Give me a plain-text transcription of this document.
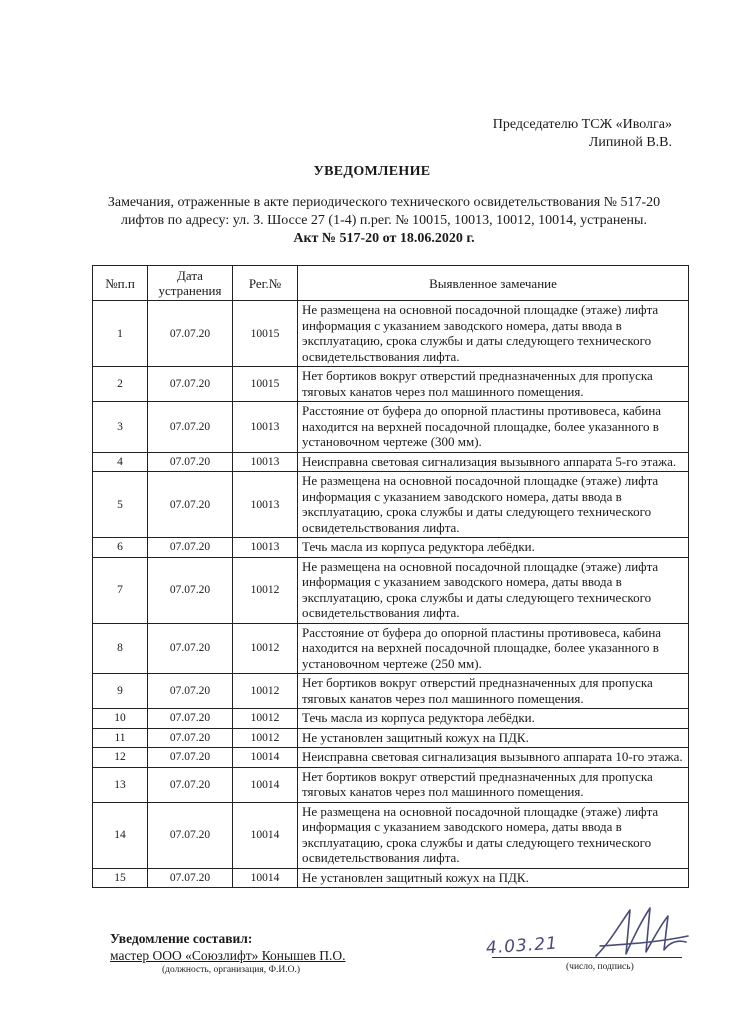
Председателю ТСЖ «Иволга»
Липиной В.В.
УВЕДОМЛЕНИЕ
Замечания, отраженные в акте периодического технического освидетельствования № 517-20 лифтов по адресу: ул. З. Шоссе 27 (1-4) п.рег. № 10015, 10013, 10012, 10014, устранены.
Акт № 517-20 от 18.06.2020 г.
№п.п	Дата устранения	Рег.№	Выявленное замечание
1	07.07.20	10015	Не размещена на основной посадочной площадке (этаже) лифта информация с указанием заводского номера, даты ввода в эксплуатацию, срока службы и даты следующего технического освидетельствования лифта.
2	07.07.20	10015	Нет бортиков вокруг отверстий предназначенных для пропуска тяговых канатов через пол машинного помещения.
3	07.07.20	10013	Расстояние от буфера до опорной пластины противовеса, кабина находится на верхней посадочной площадке, более указанного в установочном чертеже (300 мм).
4	07.07.20	10013	Неисправна световая сигнализация вызывного аппарата 5-го этажа.
5	07.07.20	10013	Не размещена на основной посадочной площадке (этаже) лифта информация с указанием заводского номера, даты ввода в эксплуатацию, срока службы и даты следующего технического освидетельствования лифта.
6	07.07.20	10013	Течь масла из корпуса редуктора лебёдки.
7	07.07.20	10012	Не размещена на основной посадочной площадке (этаже) лифта информация с указанием заводского номера, даты ввода в эксплуатацию, срока службы и даты следующего технического освидетельствования лифта.
8	07.07.20	10012	Расстояние от буфера до опорной пластины противовеса, кабина находится на верхней посадочной площадке, более указанного в установочном чертеже (250 мм).
9	07.07.20	10012	Нет бортиков вокруг отверстий предназначенных для пропуска тяговых канатов через пол машинного помещения.
10	07.07.20	10012	Течь масла из корпуса редуктора лебёдки.
11	07.07.20	10012	Не установлен защитный кожух на ПДК.
12	07.07.20	10014	Неисправна световая сигнализация вызывного аппарата 10-го этажа.
13	07.07.20	10014	Нет бортиков вокруг отверстий предназначенных для пропуска тяговых канатов через пол машинного помещения.
14	07.07.20	10014	Не размещена на основной посадочной площадке (этаже) лифта информация с указанием заводского номера, даты ввода в эксплуатацию, срока службы и даты следующего технического освидетельствования лифта.
15	07.07.20	10014	Не установлен защитный кожух на ПДК.
Уведомление составил:
мастер ООО «Союзлифт» Конышев П.О.
(должность, организация, Ф.И.О.)
4.03.21
(число, подпись)
